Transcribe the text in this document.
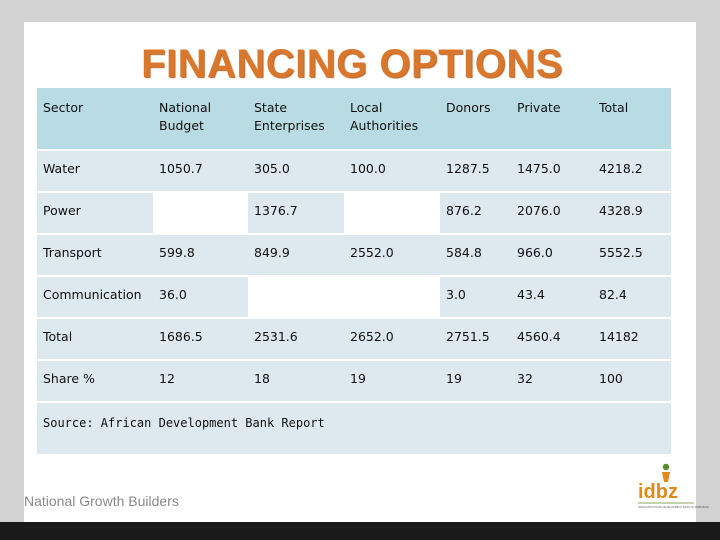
FINANCING OPTIONS
Sector	National Budget	State Enterprises	Local Authorities	Donors	Private	Total
Water	1050.7	305.0	100.0	1287.5	1475.0	4218.2
Power		1376.7		876.2	2076.0	4328.9
Transport	599.8	849.9	2552.0	584.8	966.0	5552.5
Communication	36.0			3.0	43.4	82.4
Total	1686.5	2531.6	2652.0	2751.5	4560.4	14182
Share %	12	18	19	19	32	100
Source: African Development Bank Report
National Growth Builders	idbz
INFRASTRUCTURE DEVELOPMENT BANK OF ZIMBABWE
